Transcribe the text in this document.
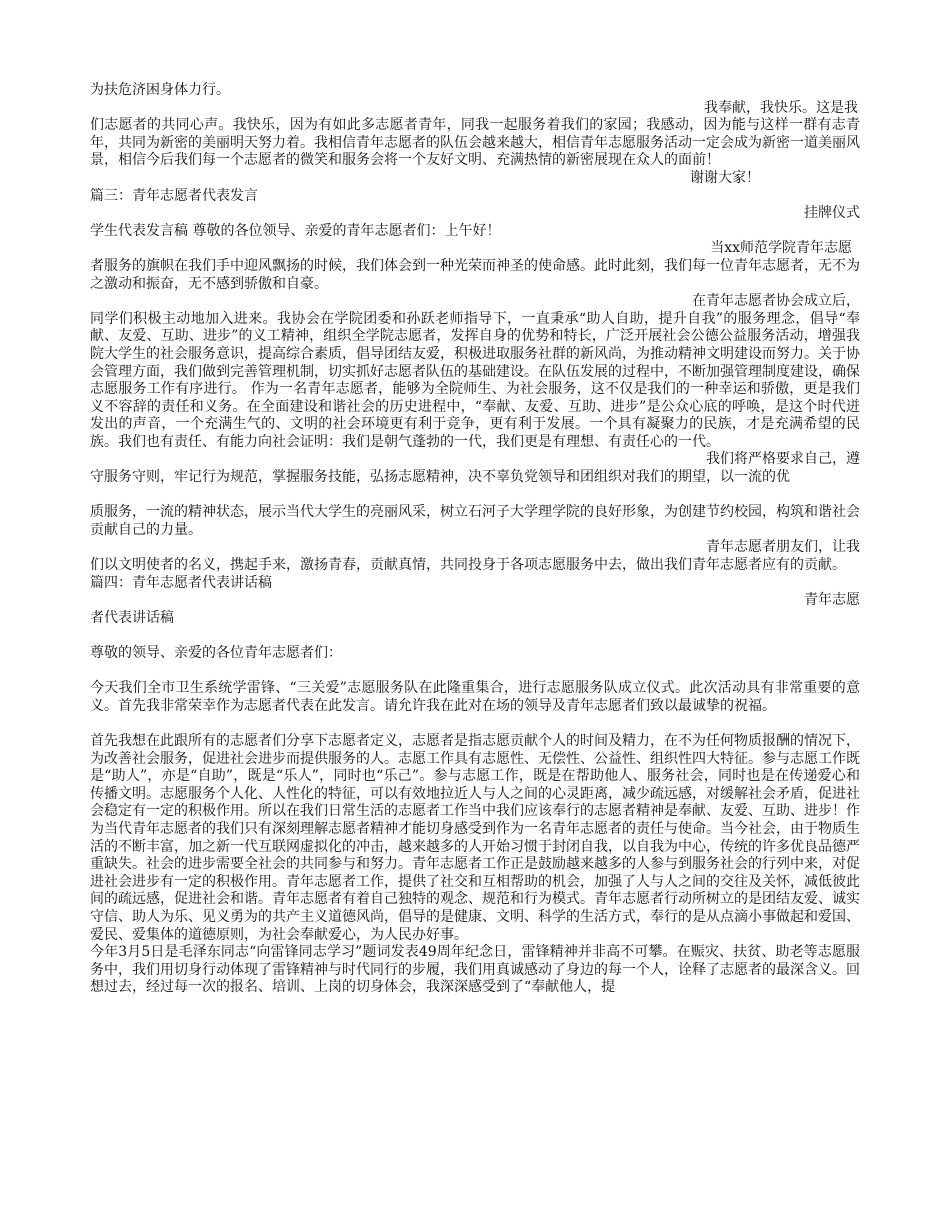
为扶危济困身体力行。

我奉献，我快乐。这是我

们志愿者的共同心声。我快乐，因为有如此多志愿者青年，同我一起服务着我们的家园；我感动，因为能与这样一群有志青年，共同为新密的美丽明天努力着。我相信青年志愿者的队伍会越来越大，相信青年志愿服务活动一定会成为新密一道美丽风景，相信今后我们每一个志愿者的微笑和服务会将一个友好文明、充满热情的新密展现在众人的面前！

谢谢大家！

篇三：青年志愿者代表发言

挂牌仪式

学生代表发言稿 尊敬的各位领导、亲爱的青年志愿者们：上午好！

当xx师范学院青年志愿

者服务的旗帜在我们手中迎风飘扬的时候，我们体会到一种光荣而神圣的使命感。此时此刻，我们每一位青年志愿者，无不为之激动和振奋，无不感到骄傲和自豪。

在青年志愿者协会成立后，

同学们积极主动地加入进来。我协会在学院团委和孙跃老师指导下，一直秉承“助人自助，提升自我”的服务理念，倡导“奉献、友爱、互助、进步”的义工精神，组织全学院志愿者，发挥自身的优势和特长，广泛开展社会公德公益服务活动，增强我院大学生的社会服务意识，提高综合素质，倡导团结友爱，积极进取服务社群的新风尚，为推动精神文明建设而努力。关于协会管理方面，我们做到完善管理机制，切实抓好志愿者队伍的基础建设。在队伍发展的过程中，不断加强管理制度建设，确保志愿服务工作有序进行。 作为一名青年志愿者，能够为全院师生、为社会服务，这不仅是我们的一种幸运和骄傲，更是我们义不容辞的责任和义务。在全面建设和谐社会的历史进程中，“奉献、友爱、互助、进步”是公众心底的呼唤，是这个时代迸发出的声音，一个充满生气的、文明的社会环境更有利于竞争，更有利于发展。一个具有凝聚力的民族，才是充满希望的民族。我们也有责任、有能力向社会证明：我们是朝气蓬勃的一代，我们更是有理想、有责任心的一代。

我们将严格要求自己，遵

守服务守则，牢记行为规范，掌握服务技能，弘扬志愿精神，决不辜负党领导和团组织对我们的期望，以一流的优

质服务，一流的精神状态，展示当代大学生的亮丽风采，树立石河子大学理学院的良好形象，为创建节约校园，构筑和谐社会贡献自己的力量。

青年志愿者朋友们，让我

们以文明使者的名义，携起手来，激扬青春，贡献真情，共同投身于各项志愿服务中去，做出我们青年志愿者应有的贡献。

篇四：青年志愿者代表讲话稿

青年志愿

者代表讲话稿

尊敬的领导、亲爱的各位青年志愿者们：

今天我们全市卫生系统学雷锋、“三关爱”志愿服务队在此隆重集合，进行志愿服务队成立仪式。此次活动具有非常重要的意义。首先我非常荣幸作为志愿者代表在此发言。请允许我在此对在场的领导及青年志愿者们致以最诚挚的祝福。

首先我想在此跟所有的志愿者们分享下志愿者定义，志愿者是指志愿贡献个人的时间及精力，在不为任何物质报酬的情况下，为改善社会服务，促进社会进步而提供服务的人。志愿工作具有志愿性、无偿性、公益性、组织性四大特征。参与志愿工作既是“助人”，亦是“自助”，既是“乐人”，同时也“乐己”。参与志愿工作，既是在帮助他人、服务社会，同时也是在传递爱心和传播文明。志愿服务个人化、人性化的特征，可以有效地拉近人与人之间的心灵距离，减少疏远感，对缓解社会矛盾，促进社会稳定有一定的积极作用。所以在我们日常生活的志愿者工作当中我们应该奉行的志愿者精神是奉献、友爱、互助、进步！作为当代青年志愿者的我们只有深刻理解志愿者精神才能切身感受到作为一名青年志愿者的责任与使命。当今社会，由于物质生活的不断丰富，加之新一代互联网虚拟化的冲击，越来越多的人开始习惯于封闭自我，以自我为中心，传统的许多优良品德严重缺失。社会的进步需要全社会的共同参与和努力。青年志愿者工作正是鼓励越来越多的人参与到服务社会的行列中来，对促进社会进步有一定的积极作用。青年志愿者工作，提供了社交和互相帮助的机会，加强了人与人之间的交往及关怀，减低彼此间的疏远感，促进社会和谐。青年志愿者有着自己独特的观念、规范和行为模式。青年志愿者行动所树立的是团结友爱、诚实守信、助人为乐、见义勇为的共产主义道德风尚，倡导的是健康、文明、科学的生活方式，奉行的是从点滴小事做起和爱国、爱民、爱集体的道德原则，为社会奉献爱心，为人民办好事。

今年3月5日是毛泽东同志“向雷锋同志学习”题词发表49周年纪念日，雷锋精神并非高不可攀。在赈灾、扶贫、助老等志愿服务中，我们用切身行动体现了雷锋精神与时代同行的步履，我们用真诚感动了身边的每一个人，诠释了志愿者的最深含义。回想过去，经过每一次的报名、培训、上岗的切身体会，我深深感受到了“奉献他人，提
